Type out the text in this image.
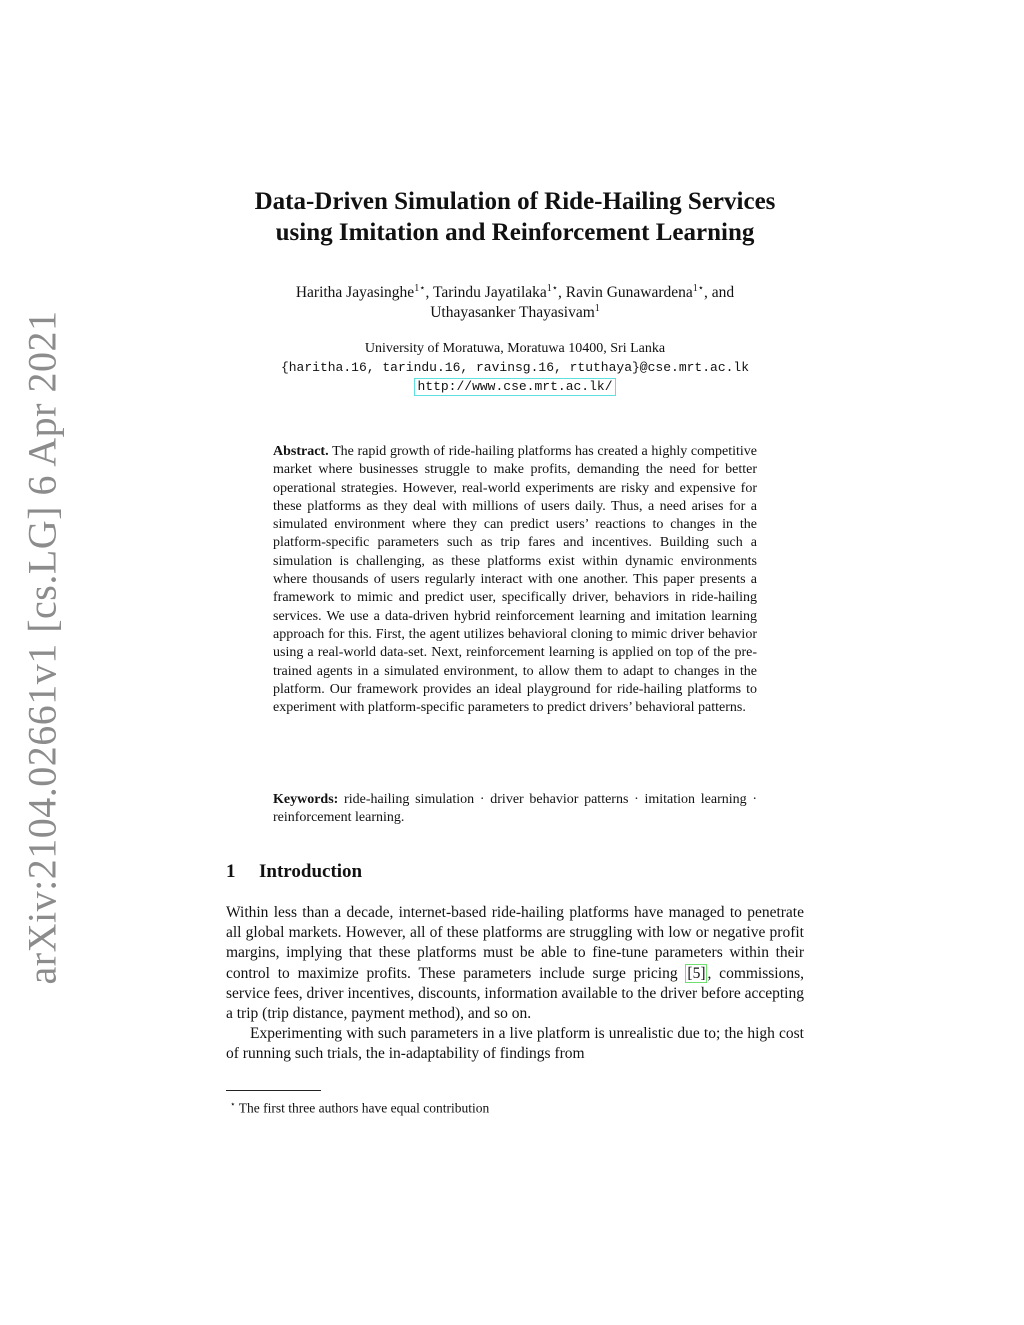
arXiv:2104.02661v1 [cs.LG] 6 Apr 2021
Data-Driven Simulation of Ride-Hailing Services
using Imitation and Reinforcement Learning
Haritha Jayasinghe$^{1⋆}$, Tarindu Jayatilaka$^{1⋆}$, Ravin Gunawardena$^{1⋆}$, and
Uthayasanker Thayasivam$^1$
University of Moratuwa, Moratuwa 10400, Sri Lanka
{haritha.16, tarindu.16, ravinsg.16, rtuthaya}@cse.mrt.ac.lk
http://www.cse.mrt.ac.lk/

Abstract. The rapid growth of ride-hailing platforms has created a highly competitive market where businesses struggle to make profits, demanding the need for better operational strategies. However, real-world experiments are risky and expensive for these platforms as they deal with millions of users daily. Thus, a need arises for a simulated environment where they can predict users’ reactions to changes in the platform-specific parameters such as trip fares and incentives. Building such a simulation is challenging, as these platforms exist within dynamic environments where thousands of users regularly interact with one another. This paper presents a framework to mimic and predict user, specifically driver, behaviors in ride-hailing services. We use a data-driven hybrid reinforcement learning and imitation learning approach for this. First, the agent utilizes behavioral cloning to mimic driver behavior using a real-world data-set. Next, reinforcement learning is applied on top of the pre-trained agents in a simulated environment, to allow them to adapt to changes in the platform. Our framework provides an ideal playground for ride-hailing platforms to experiment with platform-specific parameters to predict drivers’ behavioral patterns.

Keywords: ride-hailing simulation · driver behavior patterns · imitation learning · reinforcement learning.

1 Introduction

Within less than a decade, internet-based ride-hailing platforms have managed to penetrate all global markets. However, all of these platforms are struggling with low or negative profit margins, implying that these platforms must be able to fine-tune parameters within their control to maximize profits. These parameters include surge pricing [5] , commissions, service fees, driver incentives, discounts, information available to the driver before accepting a trip (trip distance, payment method), and so on.

Experimenting with such parameters in a live platform is unrealistic due to; the high cost of running such trials, the in-adaptability of findings from

⋆ The first three authors have equal contribution
